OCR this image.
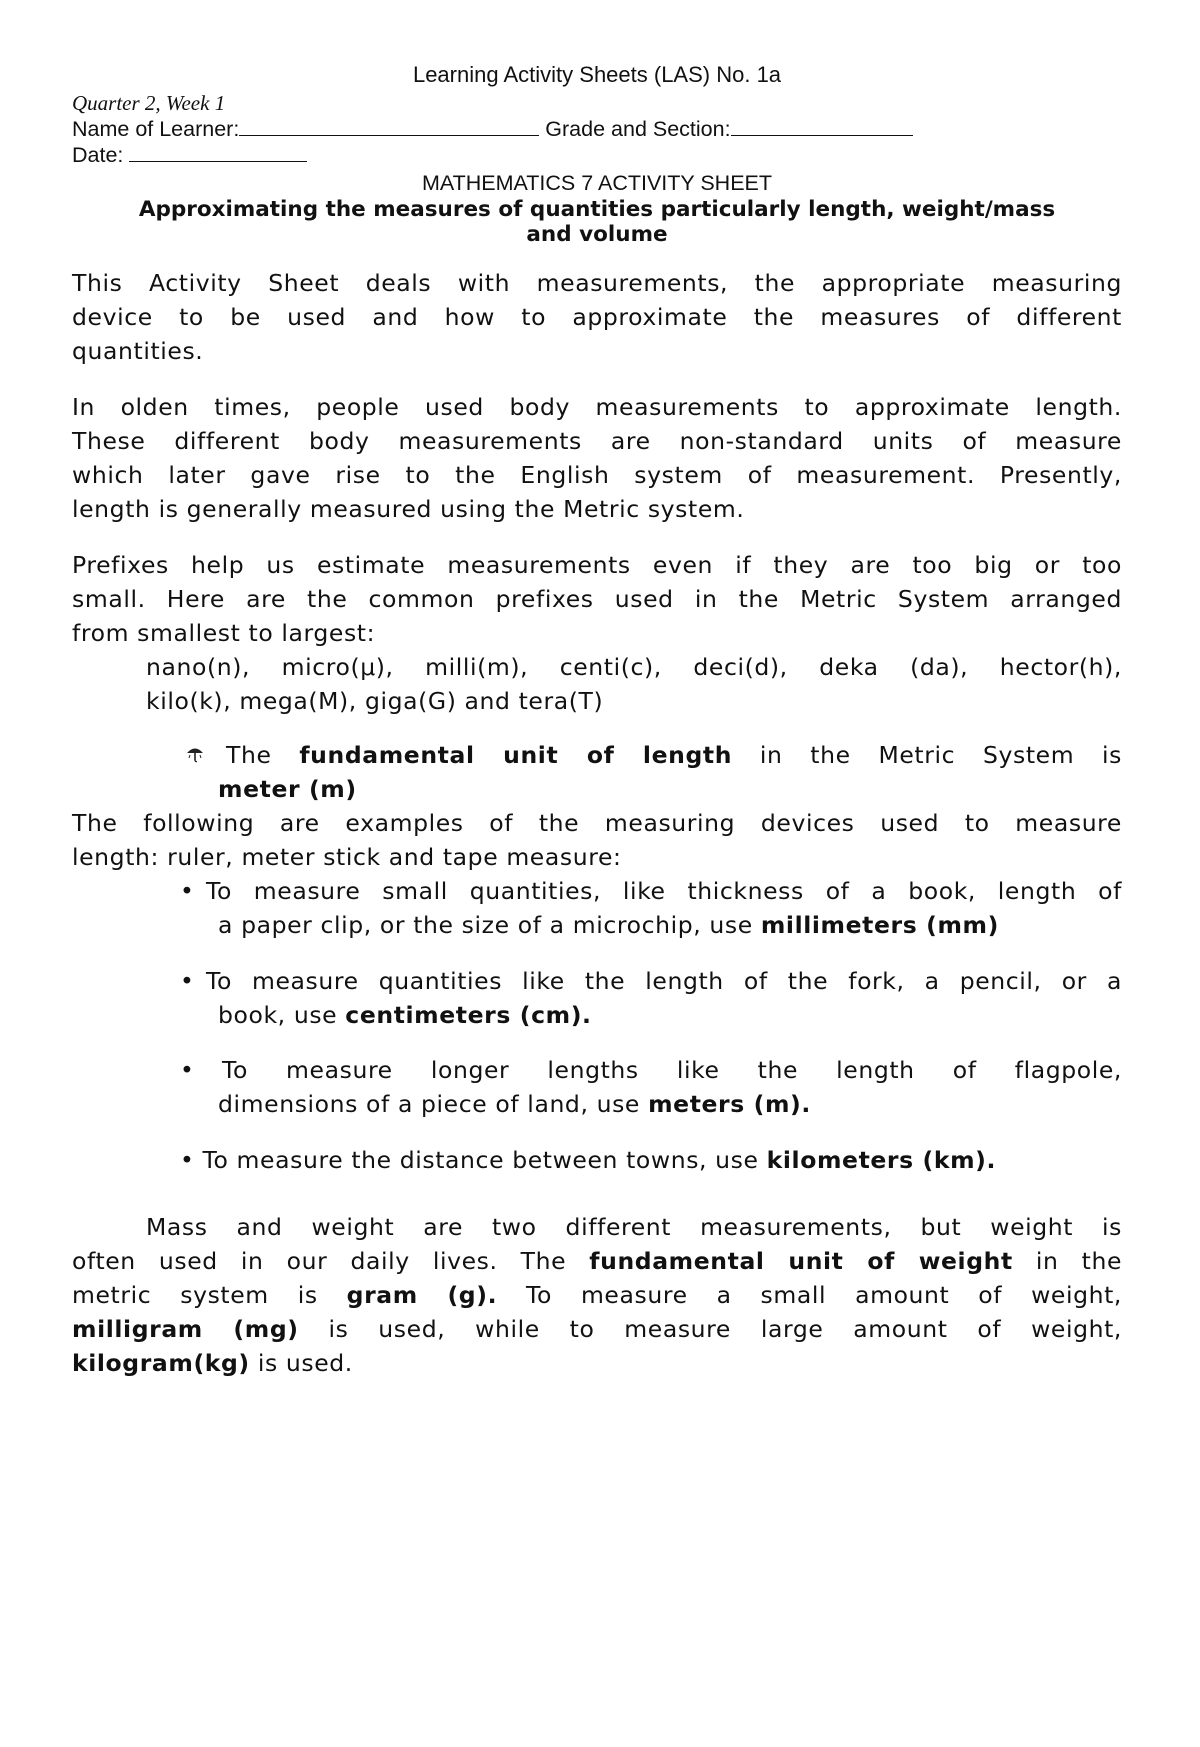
Learning Activity Sheets (LAS) No. 1a
Quarter 2, Week 1
Name of Learner:	Grade and Section:
Date:
MATHEMATICS 7 ACTIVITY SHEET
Approximating the measures of quantities particularly length, weight/mass
and volume
This Activity Sheet deals with measurements, the appropriate measuring
device to be used and how to approximate the measures of different
quantities.
In olden times, people used body measurements to approximate length.
These different body measurements are non-standard units of measure
which later gave rise to the English system of measurement. Presently,
length is generally measured using the Metric system.
Prefixes help us estimate measurements even if they are too big or too
small. Here are the common prefixes used in the Metric System arranged
from smallest to largest:
nano(n), micro(μ), milli(m), centi(c), deci(d), deka (da), hector(h),
kilo(k), mega(M), giga(G) and tera(T)
The fundamental unit of length in the Metric System is
meter (m)
The following are examples of the measuring devices used to measure
length: ruler, meter stick and tape measure:
• To measure small quantities, like thickness of a book, length of
a paper clip, or the size of a microchip, use millimeters (mm)
• To measure quantities like the length of the fork, a pencil, or a
book, use centimeters (cm).
• To measure longer lengths like the length of flagpole,
dimensions of a piece of land, use meters (m).
• To measure the distance between towns, use kilometers (km).
Mass and weight are two different measurements, but weight is
often used in our daily lives. The fundamental unit of weight in the
metric system is gram (g). To measure a small amount of weight,
milligram (mg) is used, while to measure large amount of weight,
kilogram(kg) is used.
